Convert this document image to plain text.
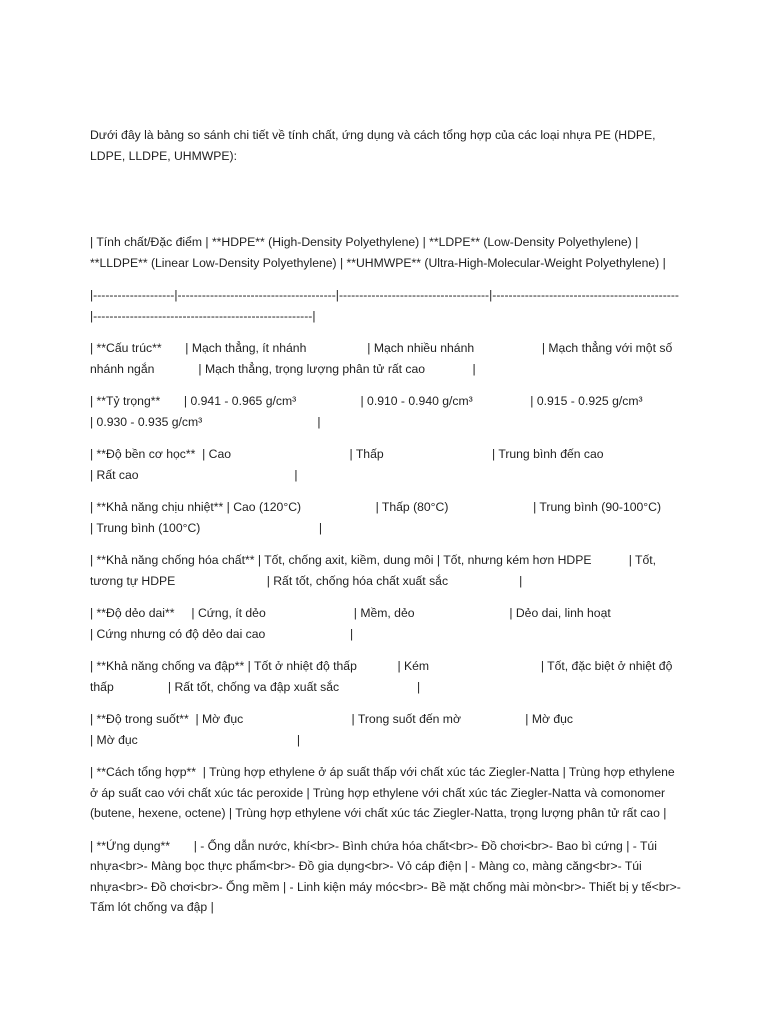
Dưới đây là bảng so sánh chi tiết về tính chất, ứng dụng và cách tổng hợp của các loại nhựa PE (HDPE, LDPE, LLDPE, UHMWPE):

| Tính chất/Đặc điểm | **HDPE** (High-Density Polyethylene) | **LDPE** (Low-Density Polyethylene) | **LLDPE** (Linear Low-Density Polyethylene) | **UHMWPE** (Ultra-High-Molecular-Weight Polyethylene) |

|--------------------|---------------------------------------|-------------------------------------|----------------------------------------------|------------------------------------------------------|

| **Cấu trúc**       | Mạch thẳng, ít nhánh                  | Mạch nhiều nhánh                    | Mạch thẳng với một số nhánh ngắn             | Mạch thẳng, trọng lượng phân tử rất cao              |

| **Tỷ trọng**       | 0.941 - 0.965 g/cm³                   | 0.910 - 0.940 g/cm³                 | 0.915 - 0.925 g/cm³                          | 0.930 - 0.935 g/cm³                                  |

| **Độ bền cơ học**  | Cao                                   | Thấp                                | Trung bình đến cao                           | Rất cao                                              |

| **Khả năng chịu nhiệt** | Cao (120°C)                      | Thấp (80°C)                         | Trung bình (90-100°C)                        | Trung bình (100°C)                                   |

| **Khả năng chống hóa chất** | Tốt, chống axit, kiềm, dung môi | Tốt, nhưng kém hơn HDPE           | Tốt, tương tự HDPE                           | Rất tốt, chống hóa chất xuất sắc                     |

| **Độ dẻo dai**     | Cứng, ít dẻo                          | Mềm, dẻo                            | Dẻo dai, linh hoạt                           | Cứng nhưng có độ dẻo dai cao                         |

| **Khả năng chống va đập** | Tốt ở nhiệt độ thấp            | Kém                                 | Tốt, đặc biệt ở nhiệt độ thấp                | Rất tốt, chống va đập xuất sắc                       |

| **Độ trong suốt**  | Mờ đục                                | Trong suốt đến mờ                   | Mờ đục                                       | Mờ đục                                               |

| **Cách tổng hợp**  | Trùng hợp ethylene ở áp suất thấp với chất xúc tác Ziegler-Natta | Trùng hợp ethylene ở áp suất cao với chất xúc tác peroxide | Trùng hợp ethylene với chất xúc tác Ziegler-Natta và comonomer (butene, hexene, octene) | Trùng hợp ethylene với chất xúc tác Ziegler-Natta, trọng lượng phân tử rất cao |

| **Ứng dụng**       | - Ống dẫn nước, khí<br>- Bình chứa hóa chất<br>- Đồ chơi<br>- Bao bì cứng | - Túi nhựa<br>- Màng bọc thực phẩm<br>- Đồ gia dụng<br>- Vỏ cáp điện | - Màng co, màng căng<br>- Túi nhựa<br>- Đồ chơi<br>- Ống mềm | - Linh kiện máy móc<br>- Bề mặt chống mài mòn<br>- Thiết bị y tế<br>- Tấm lót chống va đập |
